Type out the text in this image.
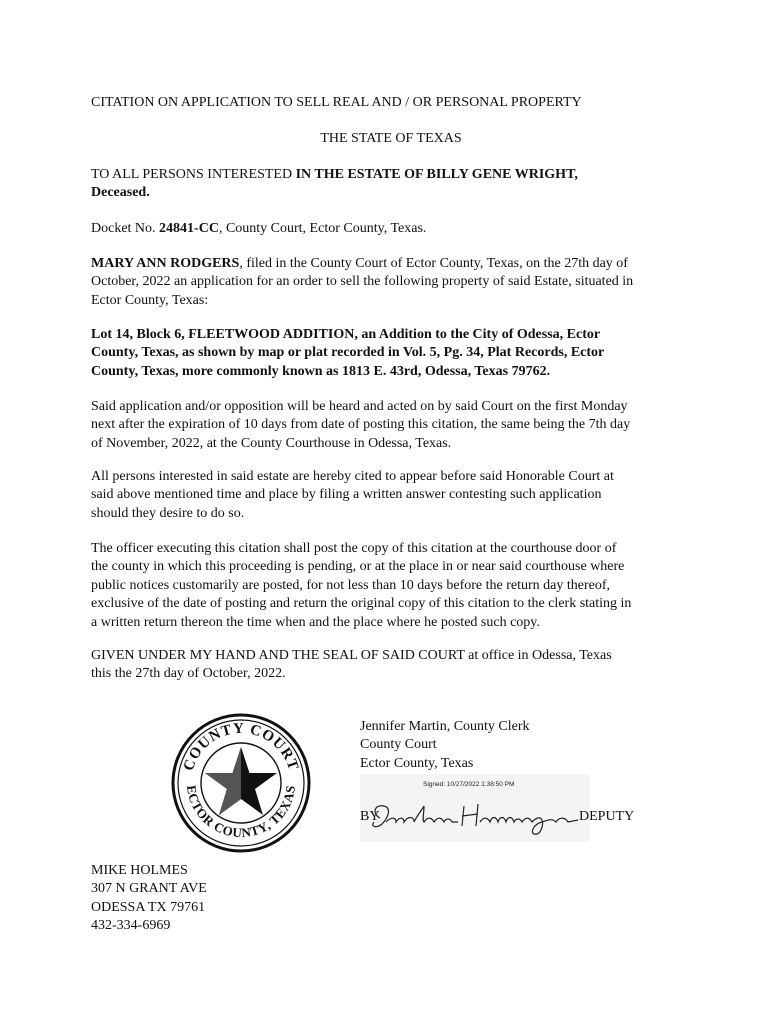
CITATION ON APPLICATION TO SELL REAL AND / OR PERSONAL PROPERTY
THE STATE OF TEXAS
TO ALL PERSONS INTERESTED IN THE ESTATE OF BILLY GENE WRIGHT,
Deceased.
Docket No. 24841-CC, County Court, Ector County, Texas.
MARY ANN RODGERS, filed in the County Court of Ector County, Texas, on the 27th day of
October, 2022 an application for an order to sell the following property of said Estate, situated in
Ector County, Texas:
Lot 14, Block 6, FLEETWOOD ADDITION, an Addition to the City of Odessa, Ector
County, Texas, as shown by map or plat recorded in Vol. 5, Pg. 34, Plat Records, Ector
County, Texas, more commonly known as 1813 E. 43rd, Odessa, Texas 79762.
Said application and/or opposition will be heard and acted on by said Court on the first Monday
next after the expiration of 10 days from date of posting this citation, the same being the 7th day
of November, 2022, at the County Courthouse in Odessa, Texas.
All persons interested in said estate are hereby cited to appear before said Honorable Court at
said above mentioned time and place by filing a written answer contesting such application
should they desire to do so.
The officer executing this citation shall post the copy of this citation at the courthouse door of
the county in which this proceeding is pending, or at the place in or near said courthouse where
public notices customarily are posted, for not less than 10 days before the return day thereof,
exclusive of the date of posting and return the original copy of this citation to the clerk stating in
a written return thereon the time when and the place where he posted such copy.
GIVEN UNDER MY HAND AND THE SEAL OF SAID COURT at office in Odessa, Texas
this the 27th day of October, 2022.
COUNTY COURT
ECTOR COUNTY, TEXAS
Jennifer Martin, County Clerk
County Court
Ector County, Texas
Signed: 10/27/2022 1:38:50 PM
BY	DEPUTY
MIKE HOLMES
307 N GRANT AVE
ODESSA TX 79761
432-334-6969
